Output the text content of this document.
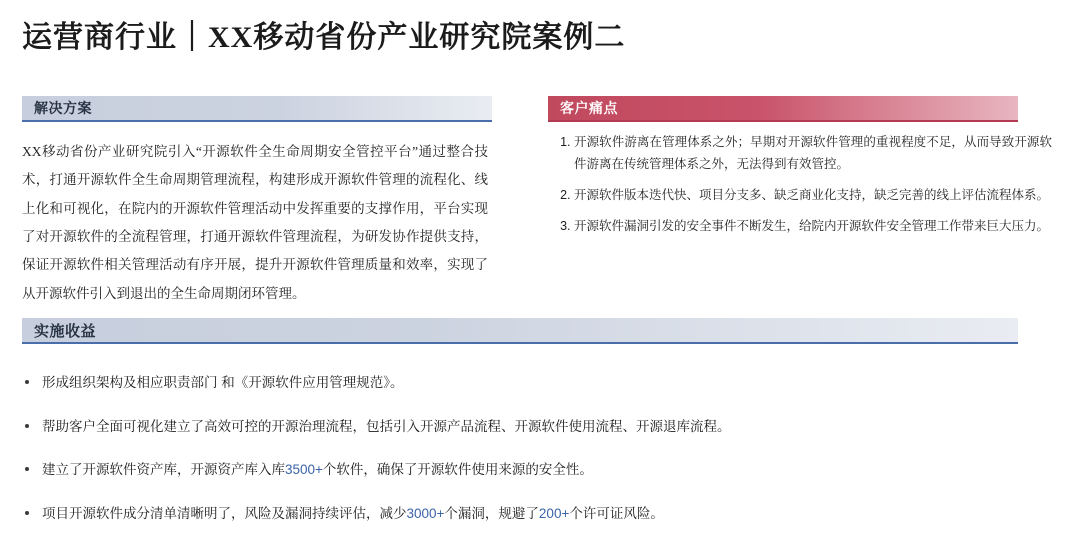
运营商行业｜XX移动省份产业研究院案例二
解决方案	客户痛点
XX移动省份产业研究院引入“开源软件全生命周期安全管控平台”通过整合技术，打通开源软件全生命周期管理流程，构建形成开源软件管理的流程化、线上化和可视化，在院内的开源软件管理活动中发挥重要的支撑作用，平台实现了对开源软件的全流程管理，打通开源软件管理流程，为研发协作提供支持，保证开源软件相关管理活动有序开展，提升开源软件管理质量和效率，实现了从开源软件引入到退出的全生命周期闭环管理。
1. 开源软件游离在管理体系之外；早期对开源软件管理的重视程度不足，从而导致开源软件游离在传统管理体系之外，无法得到有效管控。
2. 开源软件版本迭代快、项目分支多、缺乏商业化支持，缺乏完善的线上评估流程体系。
3. 开源软件漏洞引发的安全事件不断发生，给院内开源软件安全管理工作带来巨大压力。
实施收益
形成组织架构及相应职责部门 和《开源软件应用管理规范》。
帮助客户全面可视化建立了高效可控的开源治理流程，包括引入开源产品流程、开源软件使用流程、开源退库流程。
建立了开源软件资产库，开源资产库入库3500+个软件，确保了开源软件使用来源的安全性。
项目开源软件成分清单清晰明了，风险及漏洞持续评估，减少3000+个漏洞，规避了200+个许可证风险。
